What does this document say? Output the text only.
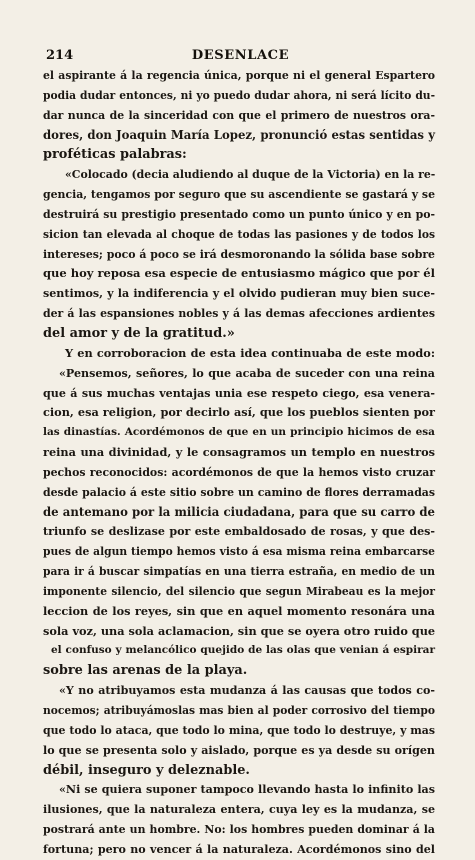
214	DESENLACE
el aspirante á la regencia única, porque ni el general Espartero
podia dudar entonces, ni yo puedo dudar ahora, ni será lícito du-
dar nunca de la sinceridad con que el primero de nuestros ora-
dores, don Joaquin María Lopez, pronunció estas sentidas y
proféticas palabras:
«Colocado (decia aludiendo al duque de la Victoria) en la re-
gencia, tengamos por seguro que su ascendiente se gastará y se
destruirá su prestigio presentado como un punto único y en po-
sicion tan elevada al choque de todas las pasiones y de todos los
intereses; poco á poco se irá desmoronando la sólida base sobre
que hoy reposa esa especie de entusiasmo mágico que por él
sentimos, y la indiferencia y el olvido pudieran muy bien suce-
der á las espansiones nobles y á las demas afecciones ardientes
del amor y de la gratitud.»
Y en corroboracion de esta idea continuaba de este modo:
«Pensemos, señores, lo que acaba de suceder con una reina
que á sus muchas ventajas unia ese respeto ciego, esa venera-
cion, esa religion, por decirlo así, que los pueblos sienten por
las dinastías. Acordémonos de que en un principio hicimos de esa
reina una divinidad, y le consagramos un templo en nuestros
pechos reconocidos: acordémonos de que la hemos visto cruzar
desde palacio á este sitio sobre un camino de flores derramadas
de antemano por la milicia ciudadana, para que su carro de
triunfo se deslizase por este embaldosado de rosas, y que des-
pues de algun tiempo hemos visto á esa misma reina embarcarse
para ir á buscar simpatías en una tierra estraña, en medio de un
imponente silencio, del silencio que segun Mirabeau es la mejor
leccion de los reyes, sin que en aquel momento resonára una
sola voz, una sola aclamacion, sin que se oyera otro ruido que
el confuso y melancólico quejido de las olas que venian á espirar
sobre las arenas de la playa.
«Y no atribuyamos esta mudanza á las causas que todos co-
nocemos; atribuyámoslas mas bien al poder corrosivo del tiempo
que todo lo ataca, que todo lo mina, que todo lo destruye, y mas
lo que se presenta solo y aislado, porque es ya desde su orígen
débil, inseguro y deleznable.
«Ni se quiera suponer tampoco llevando hasta lo infinito las
ilusiones, que la naturaleza entera, cuya ley es la mudanza, se
postrará ante un hombre. No: los hombres pueden dominar á la
fortuna; pero no vencer á la naturaleza. Acordémonos sino del
